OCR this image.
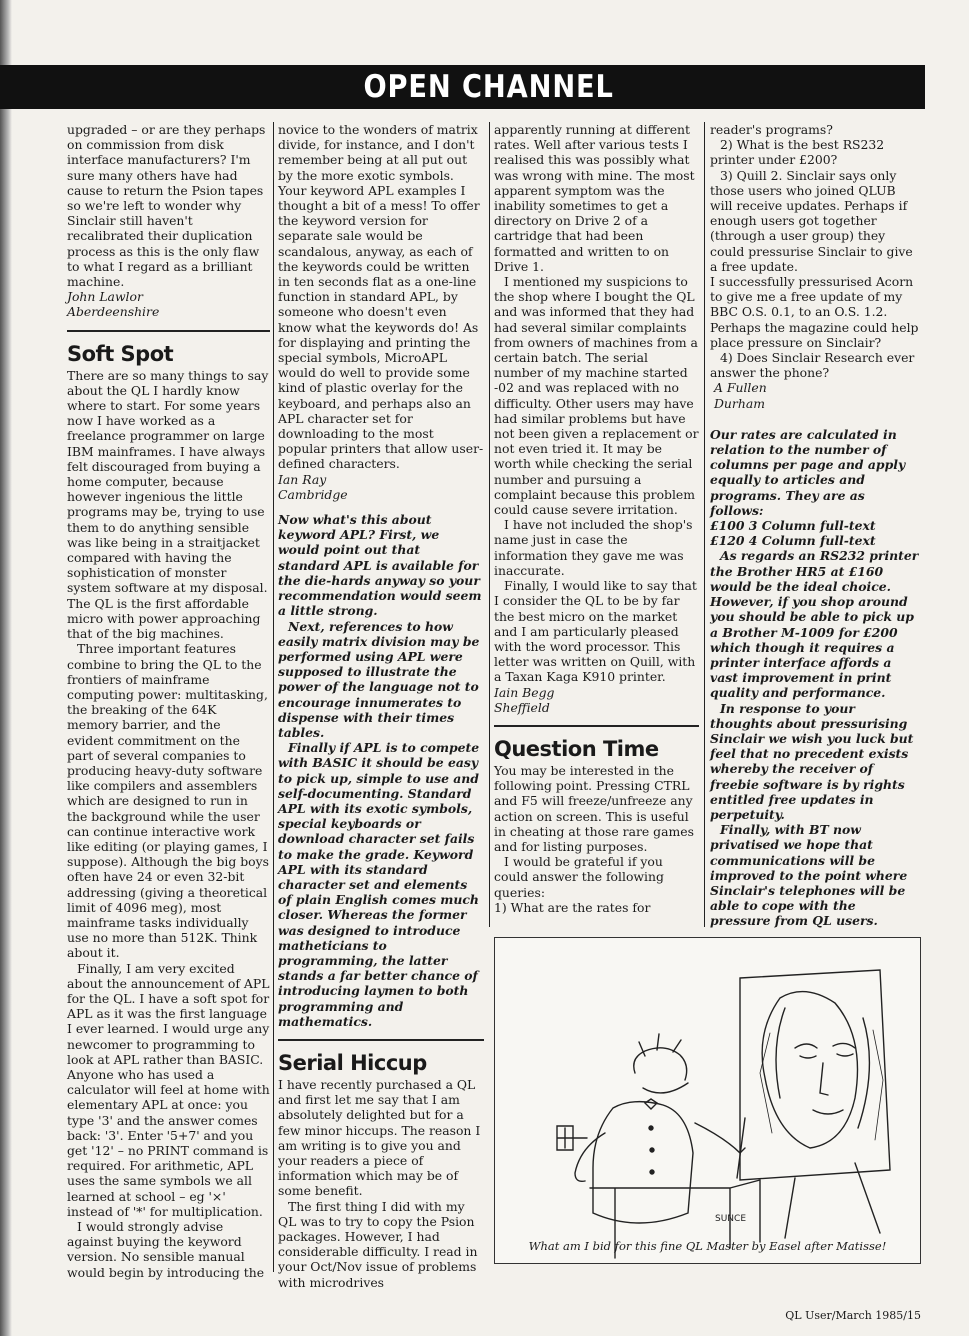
OPEN CHANNEL

upgraded – or are they perhaps on commission from disk interface manufacturers? I'm sure many others have had cause to return the Psion tapes so we're left to wonder why Sinclair still haven't recalibrated their duplication process as this is the only flaw to what I regard as a brilliant machine.

John Lawlor

Aberdeenshire

Soft Spot

There are so many things to say about the QL I hardly know where to start. For some years now I have worked as a freelance programmer on large IBM mainframes. I have always felt discouraged from buying a home computer, because however ingenious the little programs may be, trying to use them to do anything sensible was like being in a straitjacket compared with having the sophistication of monster system software at my disposal. The QL is the first affordable micro with power approaching that of the big machines.

Three important features combine to bring the QL to the frontiers of mainframe computing power: multitasking, the breaking of the 64K memory barrier, and the evident commitment on the part of several companies to producing heavy-duty software like compilers and assemblers which are designed to run in the background while the user can continue interactive work like editing (or playing games, I suppose). Although the big boys often have 24 or even 32-bit addressing (giving a theoretical limit of 4096 meg), most mainframe tasks individually use no more than 512K. Think about it.

Finally, I am very excited about the announcement of APL for the QL. I have a soft spot for APL as it was the first language I ever learned. I would urge any newcomer to programming to look at APL rather than BASIC. Anyone who has used a calculator will feel at home with elementary APL at once: you type '3' and the answer comes back: '3'. Enter '5+7' and you get '12' – no PRINT command is required. For arithmetic, APL uses the same symbols we all learned at school – eg '×' instead of '*' for multiplication.

I would strongly advise against buying the keyword version. No sensible manual would begin by introducing the

novice to the wonders of matrix divide, for instance, and I don't remember being at all put out by the more exotic symbols. Your keyword APL examples I thought a bit of a mess! To offer the keyword version for separate sale would be scandalous, anyway, as each of the keywords could be written in ten seconds flat as a one-line function in standard APL, by someone who doesn't even know what the keywords do! As for displaying and printing the special symbols, MicroAPL would do well to provide some kind of plastic overlay for the keyboard, and perhaps also an APL character set for downloading to the most popular printers that allow user-defined characters.

Ian Ray

Cambridge

Now what's this about keyword APL? First, we would point out that standard APL is available for the die-hards anyway so your recommendation would seem a little strong.

Next, references to how easily matrix division may be performed using APL were supposed to illustrate the power of the language not to encourage innumerates to dispense with their times tables.

Finally if APL is to compete with BASIC it should be easy to pick up, simple to use and self-documenting. Standard APL with its exotic symbols, special keyboards or download character set fails to make the grade. Keyword APL with its standard character set and elements of plain English comes much closer. Whereas the former was designed to introduce matheticians to programming, the latter stands a far better chance of introducing laymen to both programming and mathematics.

Serial Hiccup

I have recently purchased a QL and first let me say that I am absolutely delighted but for a few minor hiccups. The reason I am writing is to give you and your readers a piece of information which may be of some benefit.

The first thing I did with my QL was to try to copy the Psion packages. However, I had considerable difficulty. I read in your Oct/Nov issue of problems with microdrives

apparently running at different rates. Well after various tests I realised this was possibly what was wrong with mine. The most apparent symptom was the inability sometimes to get a directory on Drive 2 of a cartridge that had been formatted and written to on Drive 1.

I mentioned my suspicions to the shop where I bought the QL and was informed that they had had several similar complaints from owners of machines from a certain batch. The serial number of my machine started -02 and was replaced with no difficulty. Other users may have had similar problems but have not been given a replacement or not even tried it. It may be worth while checking the serial number and pursuing a complaint because this problem could cause severe irritation.

I have not included the shop's name just in case the information they gave me was inaccurate.

Finally, I would like to say that I consider the QL to be by far the best micro on the market and I am particularly pleased with the word processor. This letter was written on Quill, with a Taxan Kaga K910 printer.

Iain Begg

Sheffield

Question Time

You may be interested in the following point. Pressing CTRL and F5 will freeze/unfreeze any action on screen. This is useful in cheating at those rare games and for listing purposes.

I would be grateful if you could answer the following queries:

1) What are the rates for

reader's programs?

2) What is the best RS232 printer under £200?

3) Quill 2. Sinclair says only those users who joined QLUB will receive updates. Perhaps if enough users got together (through a user group) they could pressurise Sinclair to give a free update.

I successfully pressurised Acorn to give me a free update of my BBC O.S. 0.1, to an O.S. 1.2. Perhaps the magazine could help place pressure on Sinclair?

4) Does Sinclair Research ever answer the phone?

A Fullen

Durham

Our rates are calculated in relation to the number of columns per page and apply equally to articles and programs. They are as follows:

£100 3 Column full-text

£120 4 Column full-text

As regards an RS232 printer the Brother HR5 at £160 would be the ideal choice. However, if you shop around you should be able to pick up a Brother M-1009 for £200 which though it requires a printer interface affords a vast improvement in print quality and performance.

In response to your thoughts about pressurising Sinclair we wish you luck but feel that no precedent exists whereby the receiver of freebie software is by rights entitled free updates in perpetuity.

Finally, with BT now privatised we hope that communications will be improved to the point where Sinclair's telephones will be able to cope with the pressure from QL users.

SUNCE
What am I bid for this fine QL Master by Easel after Matisse!
QL User/March 1985/15
